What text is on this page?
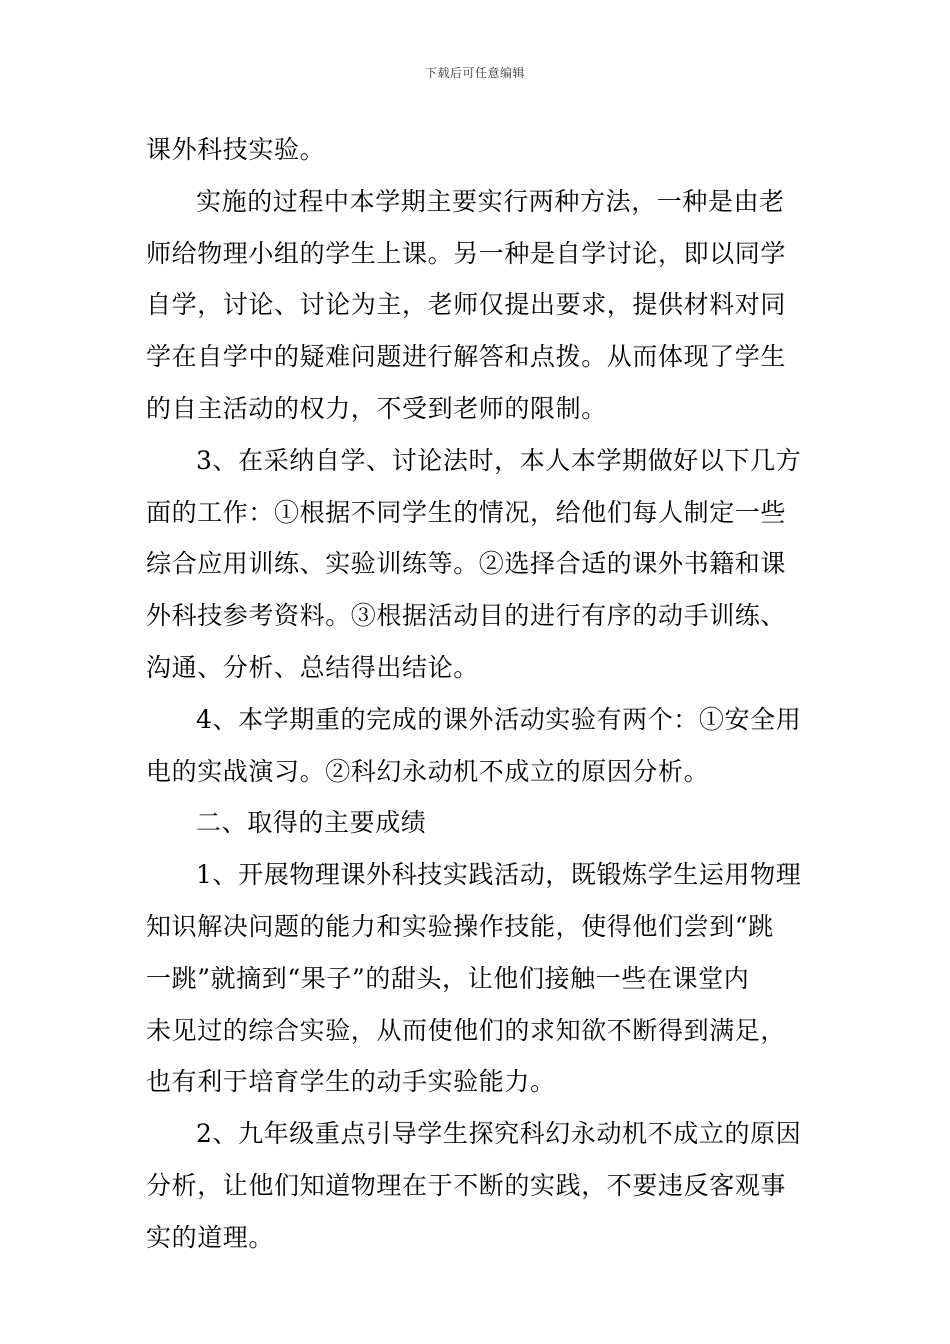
下载后可任意编辑

课外科技实验。

实施的过程中本学期主要实行两种方法，一种是由老

师给物理小组的学生上课。另一种是自学讨论，即以同学

自学，讨论、讨论为主，老师仅提出要求，提供材料对同

学在自学中的疑难问题进行解答和点拨。从而体现了学生

的自主活动的权力，不受到老师的限制。

3、在采纳自学、讨论法时，本人本学期做好以下几方

面的工作：①根据不同学生的情况，给他们每人制定一些

综合应用训练、实验训练等。②选择合适的课外书籍和课

外科技参考资料。③根据活动目的进行有序的动手训练、

沟通、分析、总结得出结论。

4、本学期重的完成的课外活动实验有两个：①安全用

电的实战演习。②科幻永动机不成立的原因分析。

二、取得的主要成绩

1、开展物理课外科技实践活动，既锻炼学生运用物理

知识解决问题的能力和实验操作技能，使得他们尝到“跳

一跳”就摘到“果子”的甜头，让他们接触一些在课堂内

未见过的综合实验，从而使他们的求知欲不断得到满足，

也有利于培育学生的动手实验能力。

2、九年级重点引导学生探究科幻永动机不成立的原因

分析，让他们知道物理在于不断的实践，不要违反客观事

实的道理。
